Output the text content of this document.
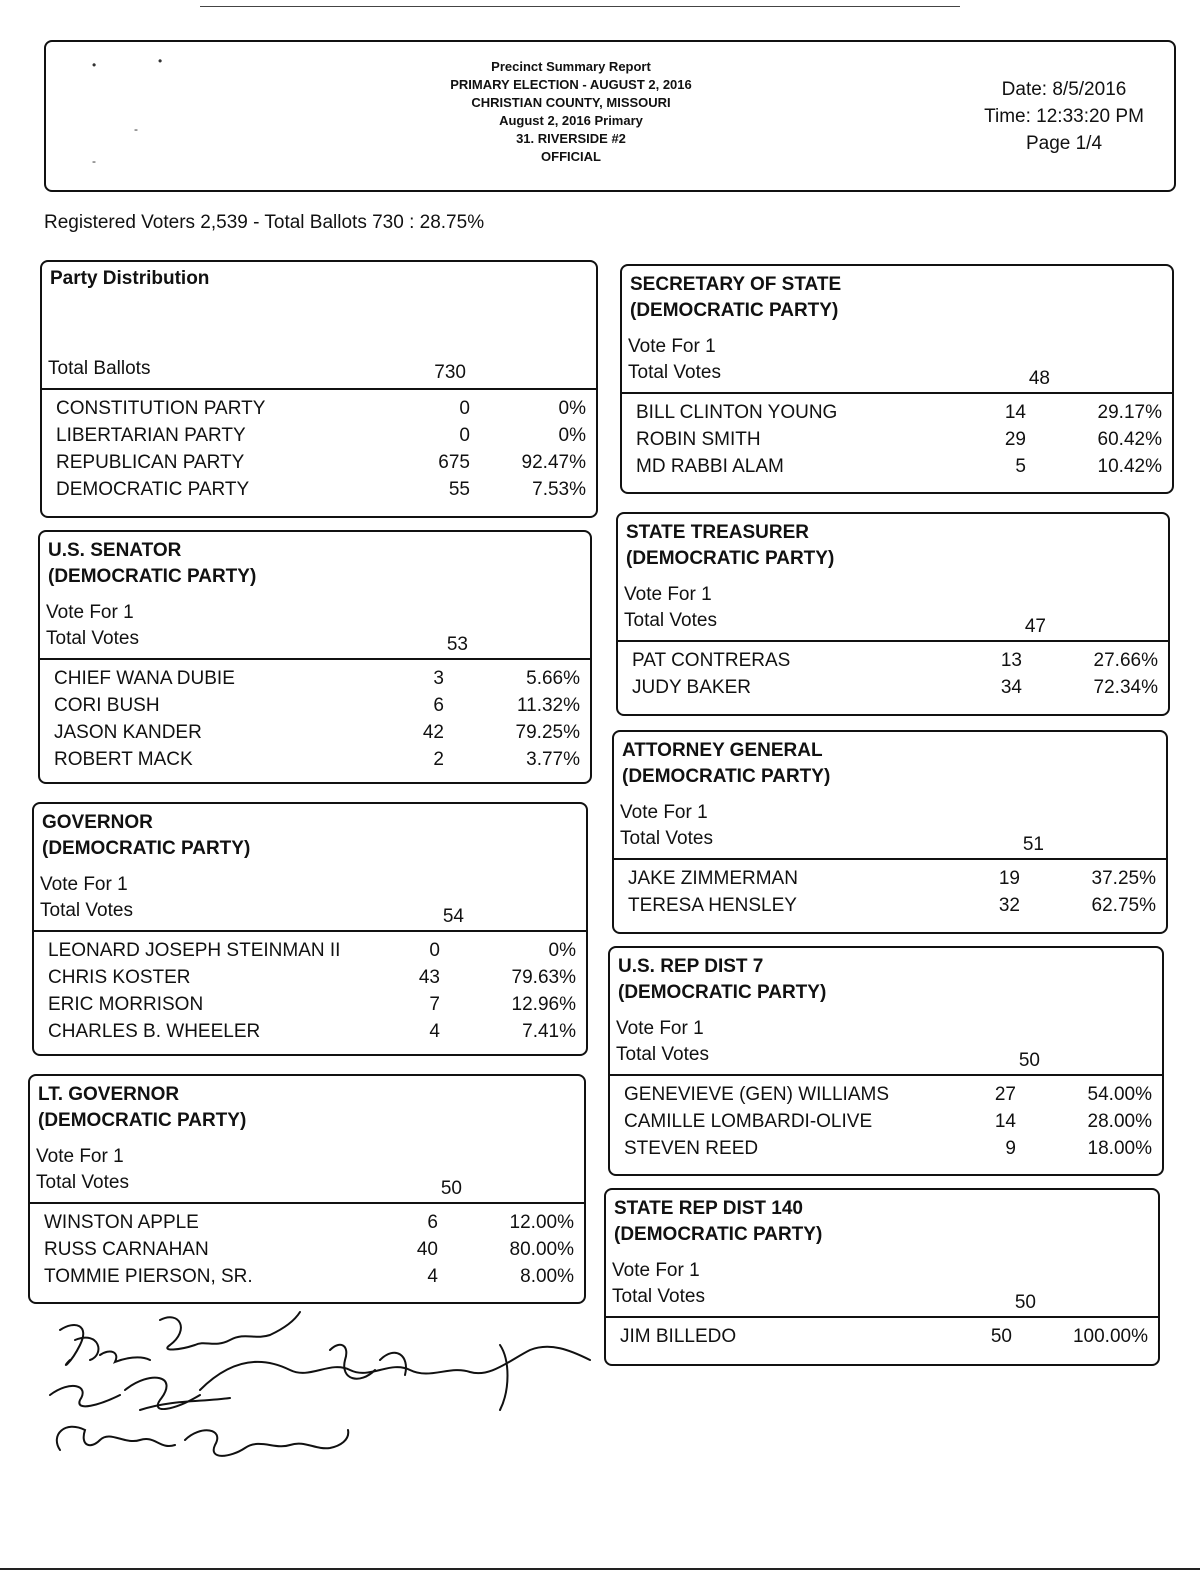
•	•
-
-
Precinct Summary Report
PRIMARY ELECTION - AUGUST 2, 2016
CHRISTIAN COUNTY, MISSOURI
August 2, 2016 Primary
31. RIVERSIDE #2
OFFICIAL
Date: 8/5/2016
Time: 12:33:20 PM
Page 1/4
Registered Voters 2,539 - Total Ballots 730 : 28.75%
Party Distribution
Total Ballots	730
CONSTITUTION PARTY	0	0%
LIBERTARIAN PARTY	0	0%
REPUBLICAN PARTY	675	92.47%
DEMOCRATIC PARTY	55	7.53%
U.S. SENATOR
(DEMOCRATIC PARTY)
Vote For 1
Total Votes	53
CHIEF WANA DUBIE	3	5.66%
CORI BUSH	6	11.32%
JASON KANDER	42	79.25%
ROBERT MACK	2	3.77%
GOVERNOR
(DEMOCRATIC PARTY)
Vote For 1
Total Votes	54
LEONARD JOSEPH STEINMAN II	0	0%
CHRIS KOSTER	43	79.63%
ERIC MORRISON	7	12.96%
CHARLES B. WHEELER	4	7.41%
LT. GOVERNOR
(DEMOCRATIC PARTY)
Vote For 1
Total Votes	50
WINSTON APPLE	6	12.00%
RUSS CARNAHAN	40	80.00%
TOMMIE PIERSON, SR.	4	8.00%
SECRETARY OF STATE
(DEMOCRATIC PARTY)
Vote For 1
Total Votes	48
BILL CLINTON YOUNG	14	29.17%
ROBIN SMITH	29	60.42%
MD RABBI ALAM	5	10.42%
STATE TREASURER
(DEMOCRATIC PARTY)
Vote For 1
Total Votes	47
PAT CONTRERAS	13	27.66%
JUDY BAKER	34	72.34%
ATTORNEY GENERAL
(DEMOCRATIC PARTY)
Vote For 1
Total Votes	51
JAKE ZIMMERMAN	19	37.25%
TERESA HENSLEY	32	62.75%
U.S. REP DIST 7
(DEMOCRATIC PARTY)
Vote For 1
Total Votes	50
GENEVIEVE (GEN) WILLIAMS	27	54.00%
CAMILLE LOMBARDI-OLIVE	14	28.00%
STEVEN REED	9	18.00%
STATE REP DIST 140
(DEMOCRATIC PARTY)
Vote For 1
Total Votes	50
JIM BILLEDO	50	100.00%
